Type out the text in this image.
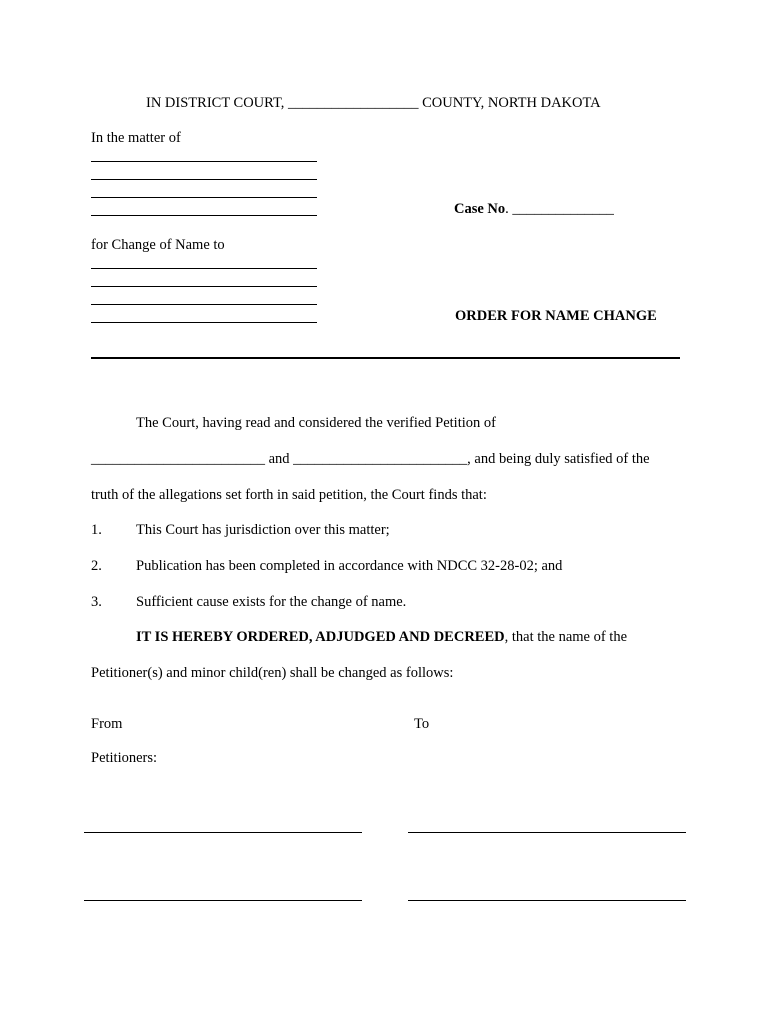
IN DISTRICT COURT, __________________ COUNTY, NORTH DAKOTA
In the matter of
for Change of Name to
Case No. ______________
ORDER FOR NAME CHANGE
The Court, having read and considered the verified Petition of
________________________ and ________________________, and being duly satisfied of the
truth of the allegations set forth in said petition, the Court finds that:
1. This Court has jurisdiction over this matter;
2. Publication has been completed in accordance with NDCC 32-28-02; and
3. Sufficient cause exists for the change of name.
IT IS HEREBY ORDERED, ADJUDGED AND DECREED, that the name of the
Petitioner(s) and minor child(ren) shall be changed as follows:
From	To
Petitioners:
